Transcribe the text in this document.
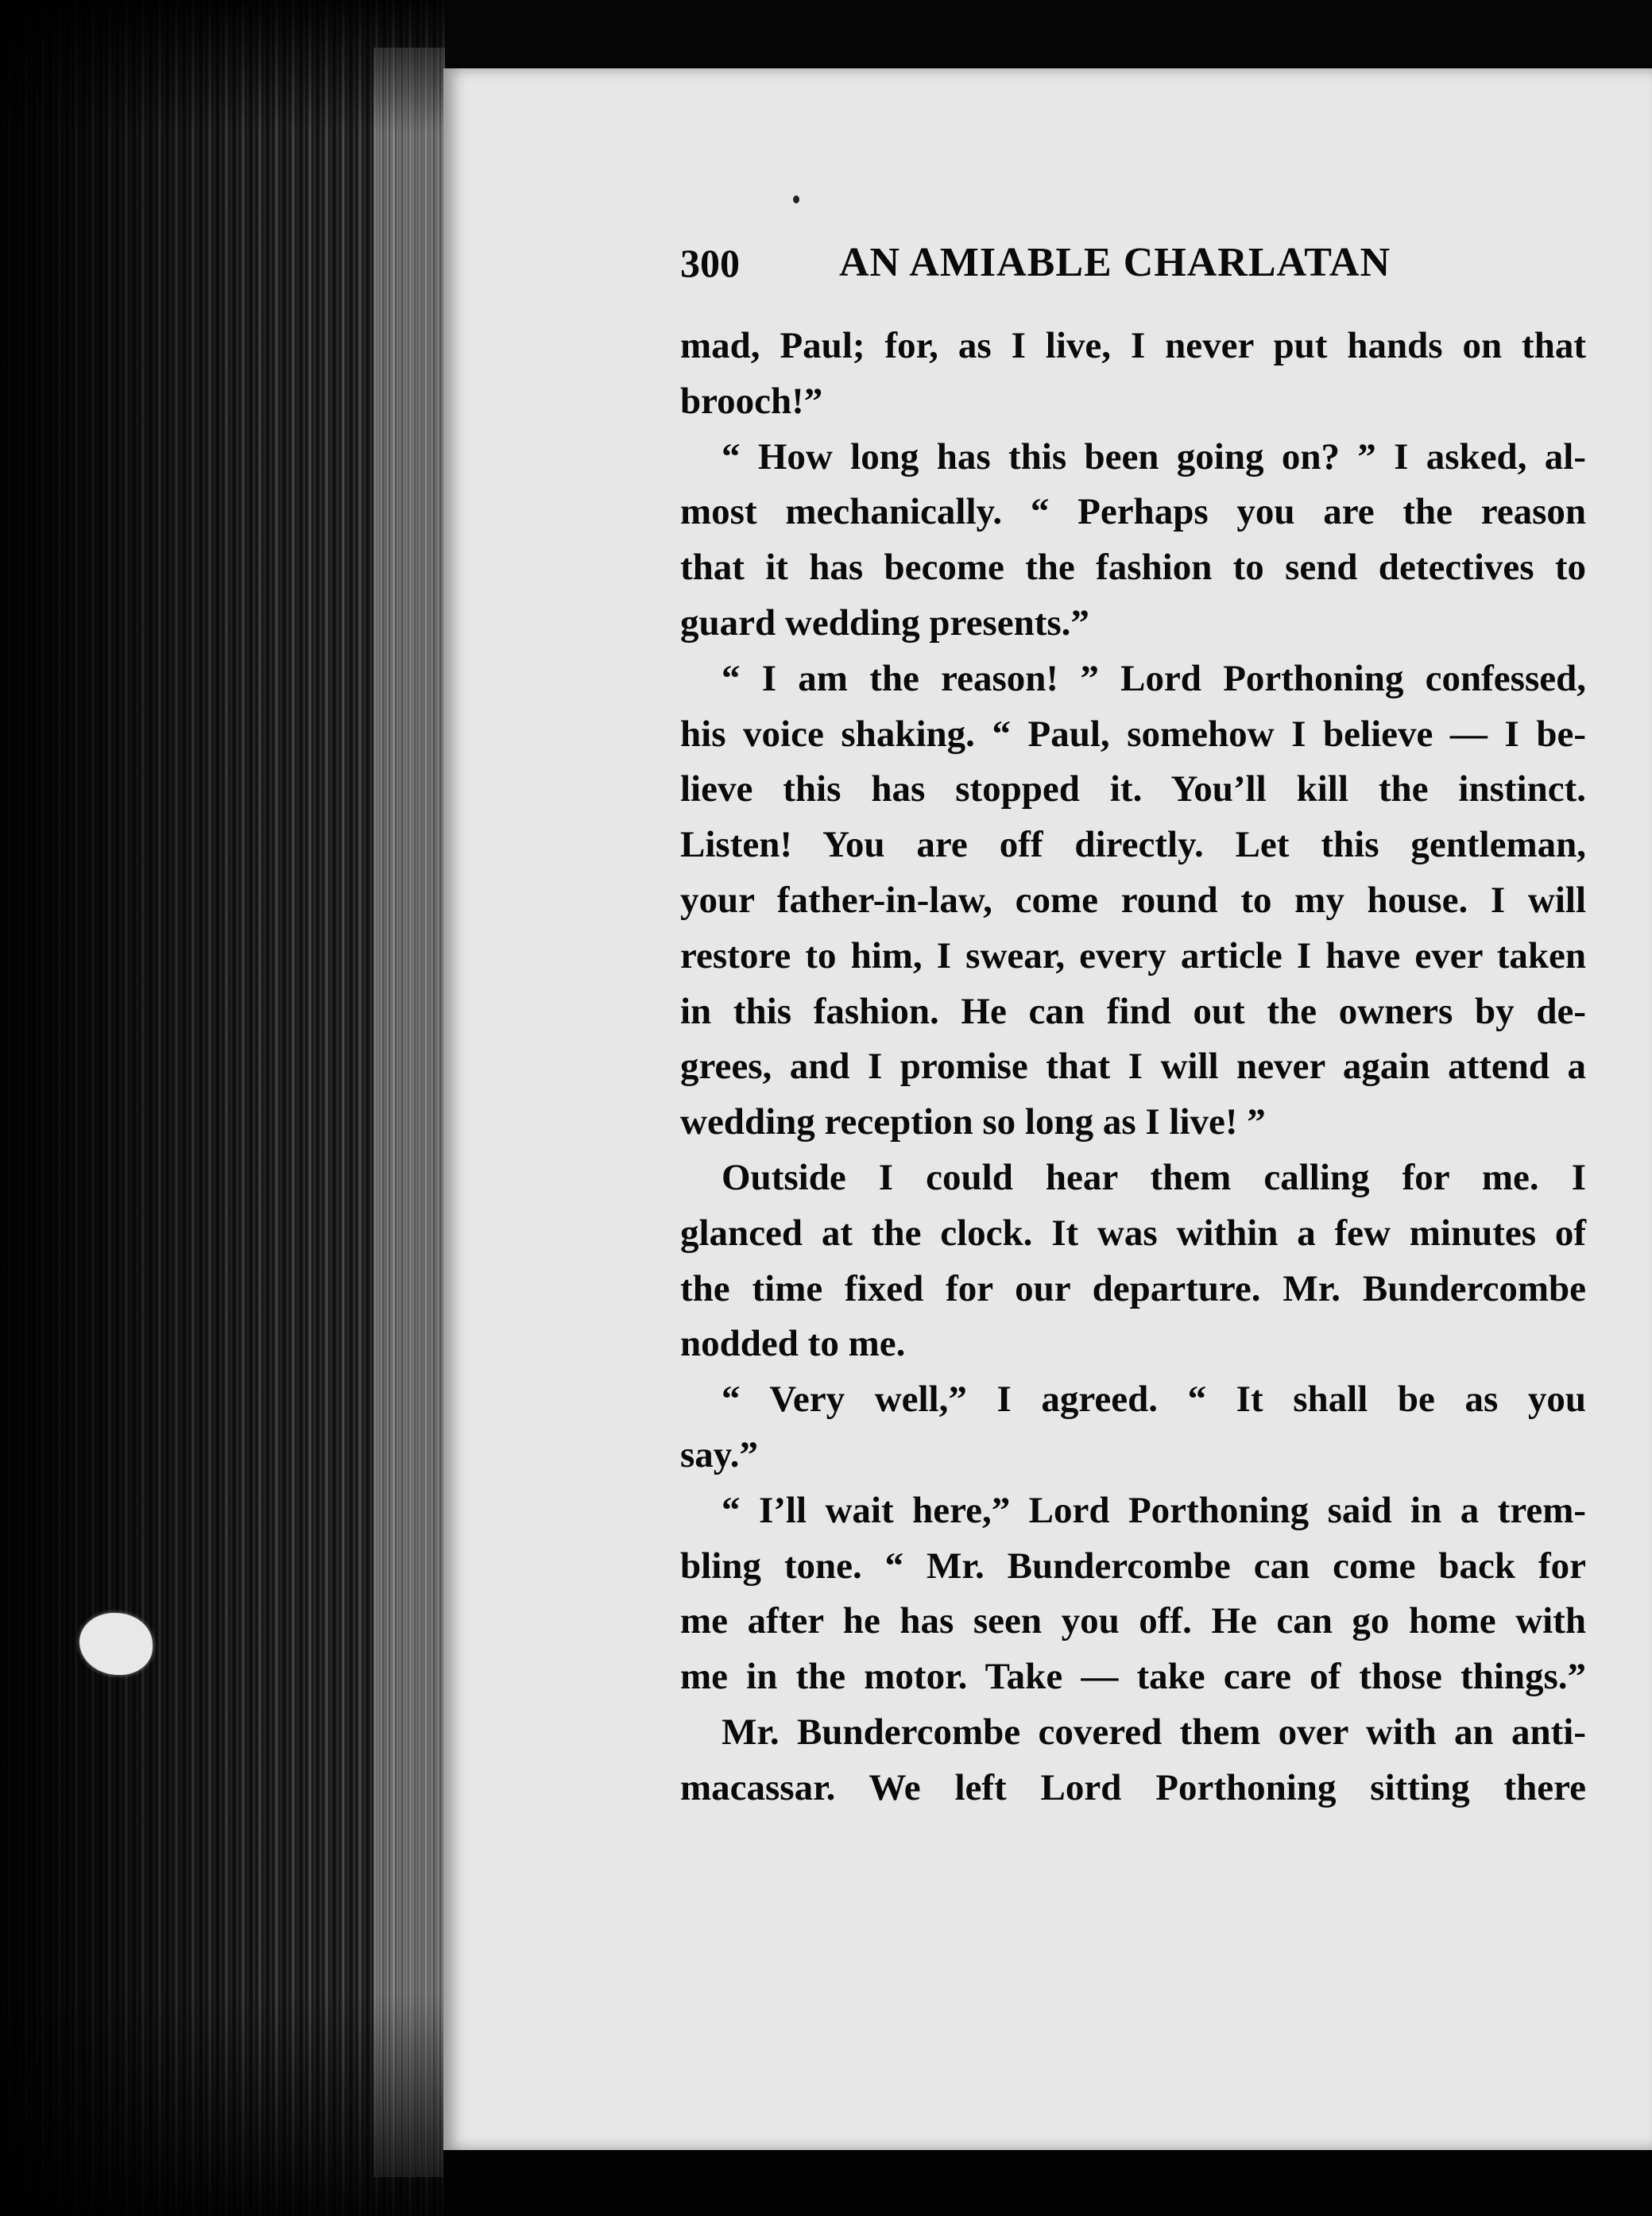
300 AN AMIABLE CHARLATAN
mad, Paul; for, as I live, I never put hands on that
brooch!”
“ How long has this been going on? ” I asked, al-
most mechanically. “ Perhaps you are the reason
that it has become the fashion to send detectives to
guard wedding presents.”
“ I am the reason! ” Lord Porthoning confessed,
his voice shaking. “ Paul, somehow I believe — I be-
lieve this has stopped it. You’ll kill the instinct.
Listen! You are off directly. Let this gentleman,
your father-in-law, come round to my house. I will
restore to him, I swear, every article I have ever taken
in this fashion. He can find out the owners by de-
grees, and I promise that I will never again attend a
wedding reception so long as I live! ”
Outside I could hear them calling for me. I
glanced at the clock. It was within a few minutes of
the time fixed for our departure. Mr. Bundercombe
nodded to me.
“ Very well,” I agreed. “ It shall be as you
say.”
“ I’ll wait here,” Lord Porthoning said in a trem-
bling tone. “ Mr. Bundercombe can come back for
me after he has seen you off. He can go home with
me in the motor. Take — take care of those things.”
Mr. Bundercombe covered them over with an anti-
macassar. We left Lord Porthoning sitting there
